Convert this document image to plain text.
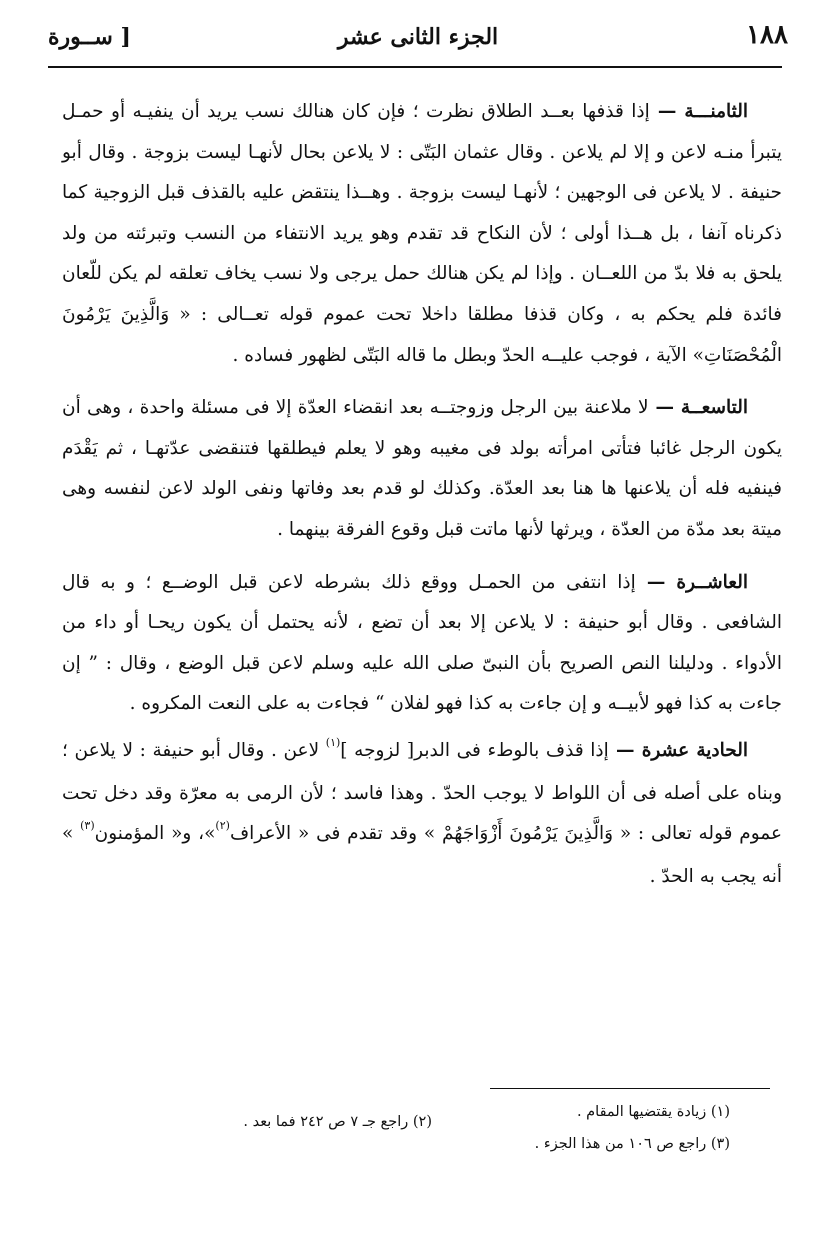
١٨٨
الجزء الثانى عشر
[ ســورة

الثامنـــة — إذا قذفها بعــد الطلاق نظرت ؛ فإن كان هنالك نسب يريد أن ينفيـه أو حمـل يتبرأ منـه لاعن و إلا لم يلاعن . وقال عثمان البَتّى : لا يلاعن بحال لأنهـا ليست بزوجة . وقال أبو حنيفة . لا يلاعن فى الوجهين ؛ لأنهـا ليست بزوجة . وهــذا ينتقض عليه بالقذف قبل الزوجية كما ذكرناه آنفا ، بل هــذا أولى ؛ لأن النكاح قد تقدم وهو يريد الانتفاء من النسب وتبرئته من ولد يلحق به فلا بدّ من اللعــان . وإذا لم يكن هنالك حمل يرجى ولا نسب يخاف تعلقه لم يكن للّعان فائدة فلم يحكم به ، وكان قذفا مطلقا داخلا تحت عموم قوله تعــالى : « وَالَّذِينَ يَرْمُونَ الْمُحْصَنَاتِ» الآية ، فوجب عليــه الحدّ وبطل ما قاله البَتّى لظهور فساده .

التاسعــة — لا ملاعنة بين الرجل وزوجتــه بعد انقضاء العدّة إلا فى مسئلة واحدة ، وهى أن يكون الرجل غائبا فتأتى امرأته بولد فى مغيبه وهو لا يعلم فيطلقها فتنقضى عدّتهـا ، ثم يَقْدَم فينفيه فله أن يلاعنها ها هنا بعد العدّة. وكذلك لو قدم بعد وفاتها ونفى الولد لاعن لنفسه وهى ميتة بعد مدّة من العدّة ، ويرثها لأنها ماتت قبل وقوع الفرقة بينهما .

العاشــرة — إذا انتفى من الحمـل ووقع ذلك بشرطه لاعن قبل الوضــع ؛ و به قال الشافعى . وقال أبو حنيفة : لا يلاعن إلا بعد أن تضع ، لأنه يحتمل أن يكون ريحـا أو داء من الأدواء . ودليلنا النص الصريح بأن النبىّ صلى الله عليه وسلم لاعن قبل الوضع ، وقال : ” إن جاءت به كذا فهو لأبيــه و إن جاءت به كذا فهو لفلان “ فجاءت به على النعت المكروه .

الحادية عشرة — إذا قذف بالوطء فى الدبر[ لزوجه ]$^{(١)}$ لاعن . وقال أبو حنيفة : لا يلاعن ؛ وبناه على أصله فى أن اللواط لا يوجب الحدّ . وهذا فاسد ؛ لأن الرمى به معرّة وقد دخل تحت عموم قوله تعالى : « وَالَّذِينَ يَرْمُونَ أَزْوَاجَهُمْ » وقد تقدم فى « الأعراف$^{(٢)}$»، و« المؤمنون$^{(٣)}$ » أنه يجب به الحدّ .

(١) زيادة يقتضيها المقام .
(٢) راجع جـ ٧ ص ٢٤٢ فما بعد .
(٣) راجع ص ١٠٦ من هذا الجزء .
